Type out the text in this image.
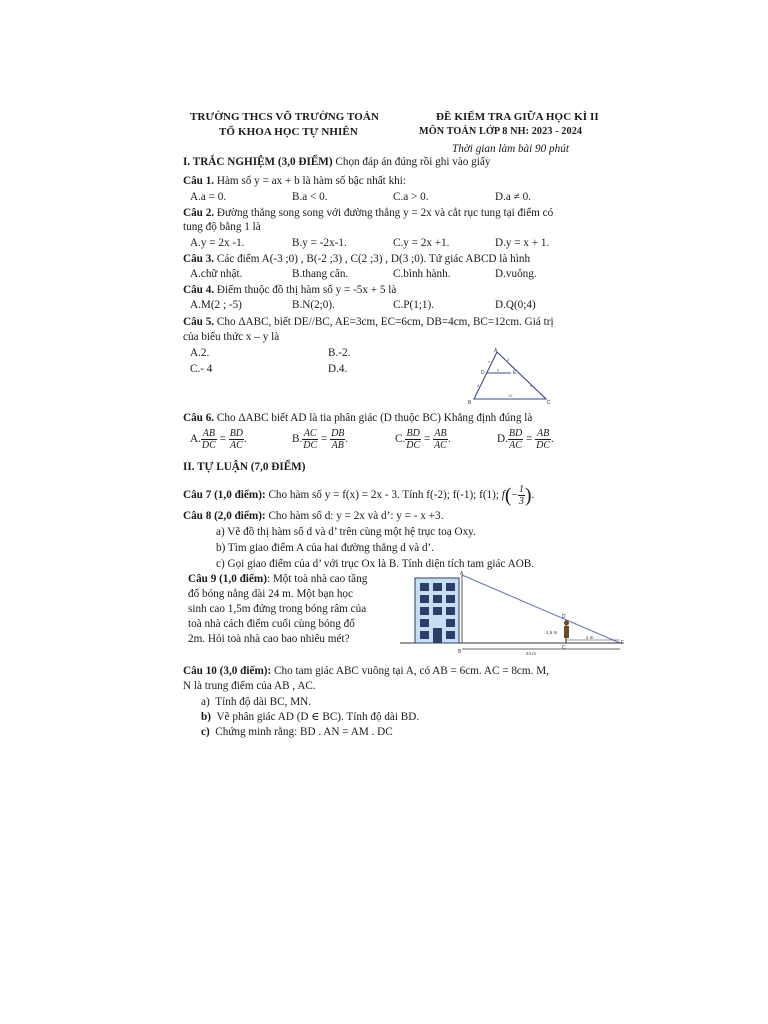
TRƯỜNG THCS VÕ TRƯỜNG TOẢN
TỔ KHOA HỌC TỰ NHIÊN
ĐỀ KIỂM TRA GIỮA HỌC KÌ II
MÔN TOÁN LỚP 8 NH: 2023 - 2024
Thời gian làm bài 90 phút
I. TRẮC NGHIỆM (3,0 ĐIỂM) Chọn đáp án đúng rồi ghi vào giấy
Câu 1. Hàm số y = ax + b là hàm số bậc nhất khi:
A.a = 0.	B.a < 0.	C.a > 0.	D.a ≠ 0.
Câu 2. Đường thẳng song song với đường thẳng y = 2x và cắt rục tung tại điểm có
tung độ bằng 1 là
A.y = 2x -1.	B.y = -2x-1.	C.y = 2x +1.	D.y = x + 1.
Câu 3. Các điểm A(-3 ;0) , B(-2 ;3) , C(2 ;3) , D(3 ;0). Tứ giác ABCD là hình
A.chữ nhật.	B.thang cân.	C.bình hành.	D.vuông.
Câu 4. Điểm thuộc đồ thị hàm số y = -5x + 5 là
A.M(2 ; -5)	B.N(2;0).	C.P(1;1).	D.Q(0;4)
Câu 5. Cho ΔABC, biết DE//BC, AE=3cm, EC=6cm, DB=4cm, BC=12cm. Giá trị
của biểu thức x – y là
A.2.	B.-2.
C.- 4	D.4.
A
D	E
B	C
x	3
y
4	6
12
Câu 6. Cho ΔABC biết AD là tia phân giác (D thuộc BC) Khẳng định đúng là
A. $\frac{AB}{DC} = \frac{BD}{AC}$ .	B. $\frac{AC}{DC} = \frac{DB}{AB}$ .	C. $\frac{BD}{DC} = \frac{AB}{AC}$ .	D. $\frac{BD}{AC} = \frac{AB}{DC}$ .
II. TỰ LUẬN (7,0 ĐIỂM)
Câu 7 (1,0 điểm): Cho hàm số y = f(x) = 2x - 3. Tính f(-2); f(-1); f(1); $f(- \frac{1}{3}$ ).
Câu 8 (2,0 điểm): Cho hàm số d: y = 2x và d’: y = - x +3.
a) Vẽ đồ thị hàm số d và d’ trên cùng một hệ trục toạ Oxy.
b) Tìm giao điểm A của hai đường thẳng d và d’.
c) Gọi giao điểm của d’ với trục Ox là B. Tính diện tích tam giác AOB.
Câu 9 (1,0 điểm): Một toà nhà cao tầng
đổ bóng nắng dài 24 m. Một bạn học
sinh cao 1,5m đứng trong bóng râm của
toà nhà cách điểm cuối cùng bóng đổ
2m. Hỏi toà nhà cao bao nhiêu mét?
A
B
C
D
E
1,5 m
2 m
24 m
Câu 10 (3,0 điểm): Cho tam giác ABC vuông tại A, có AB = 6cm. AC = 8cm. M,
N là trung điểm của AB , AC.
a) Tính độ dài BC, MN.
b) Vẽ phân giác AD (D ∈ BC). Tính độ dài BD.
c) Chứng minh rằng: BD . AN = AM . DC
